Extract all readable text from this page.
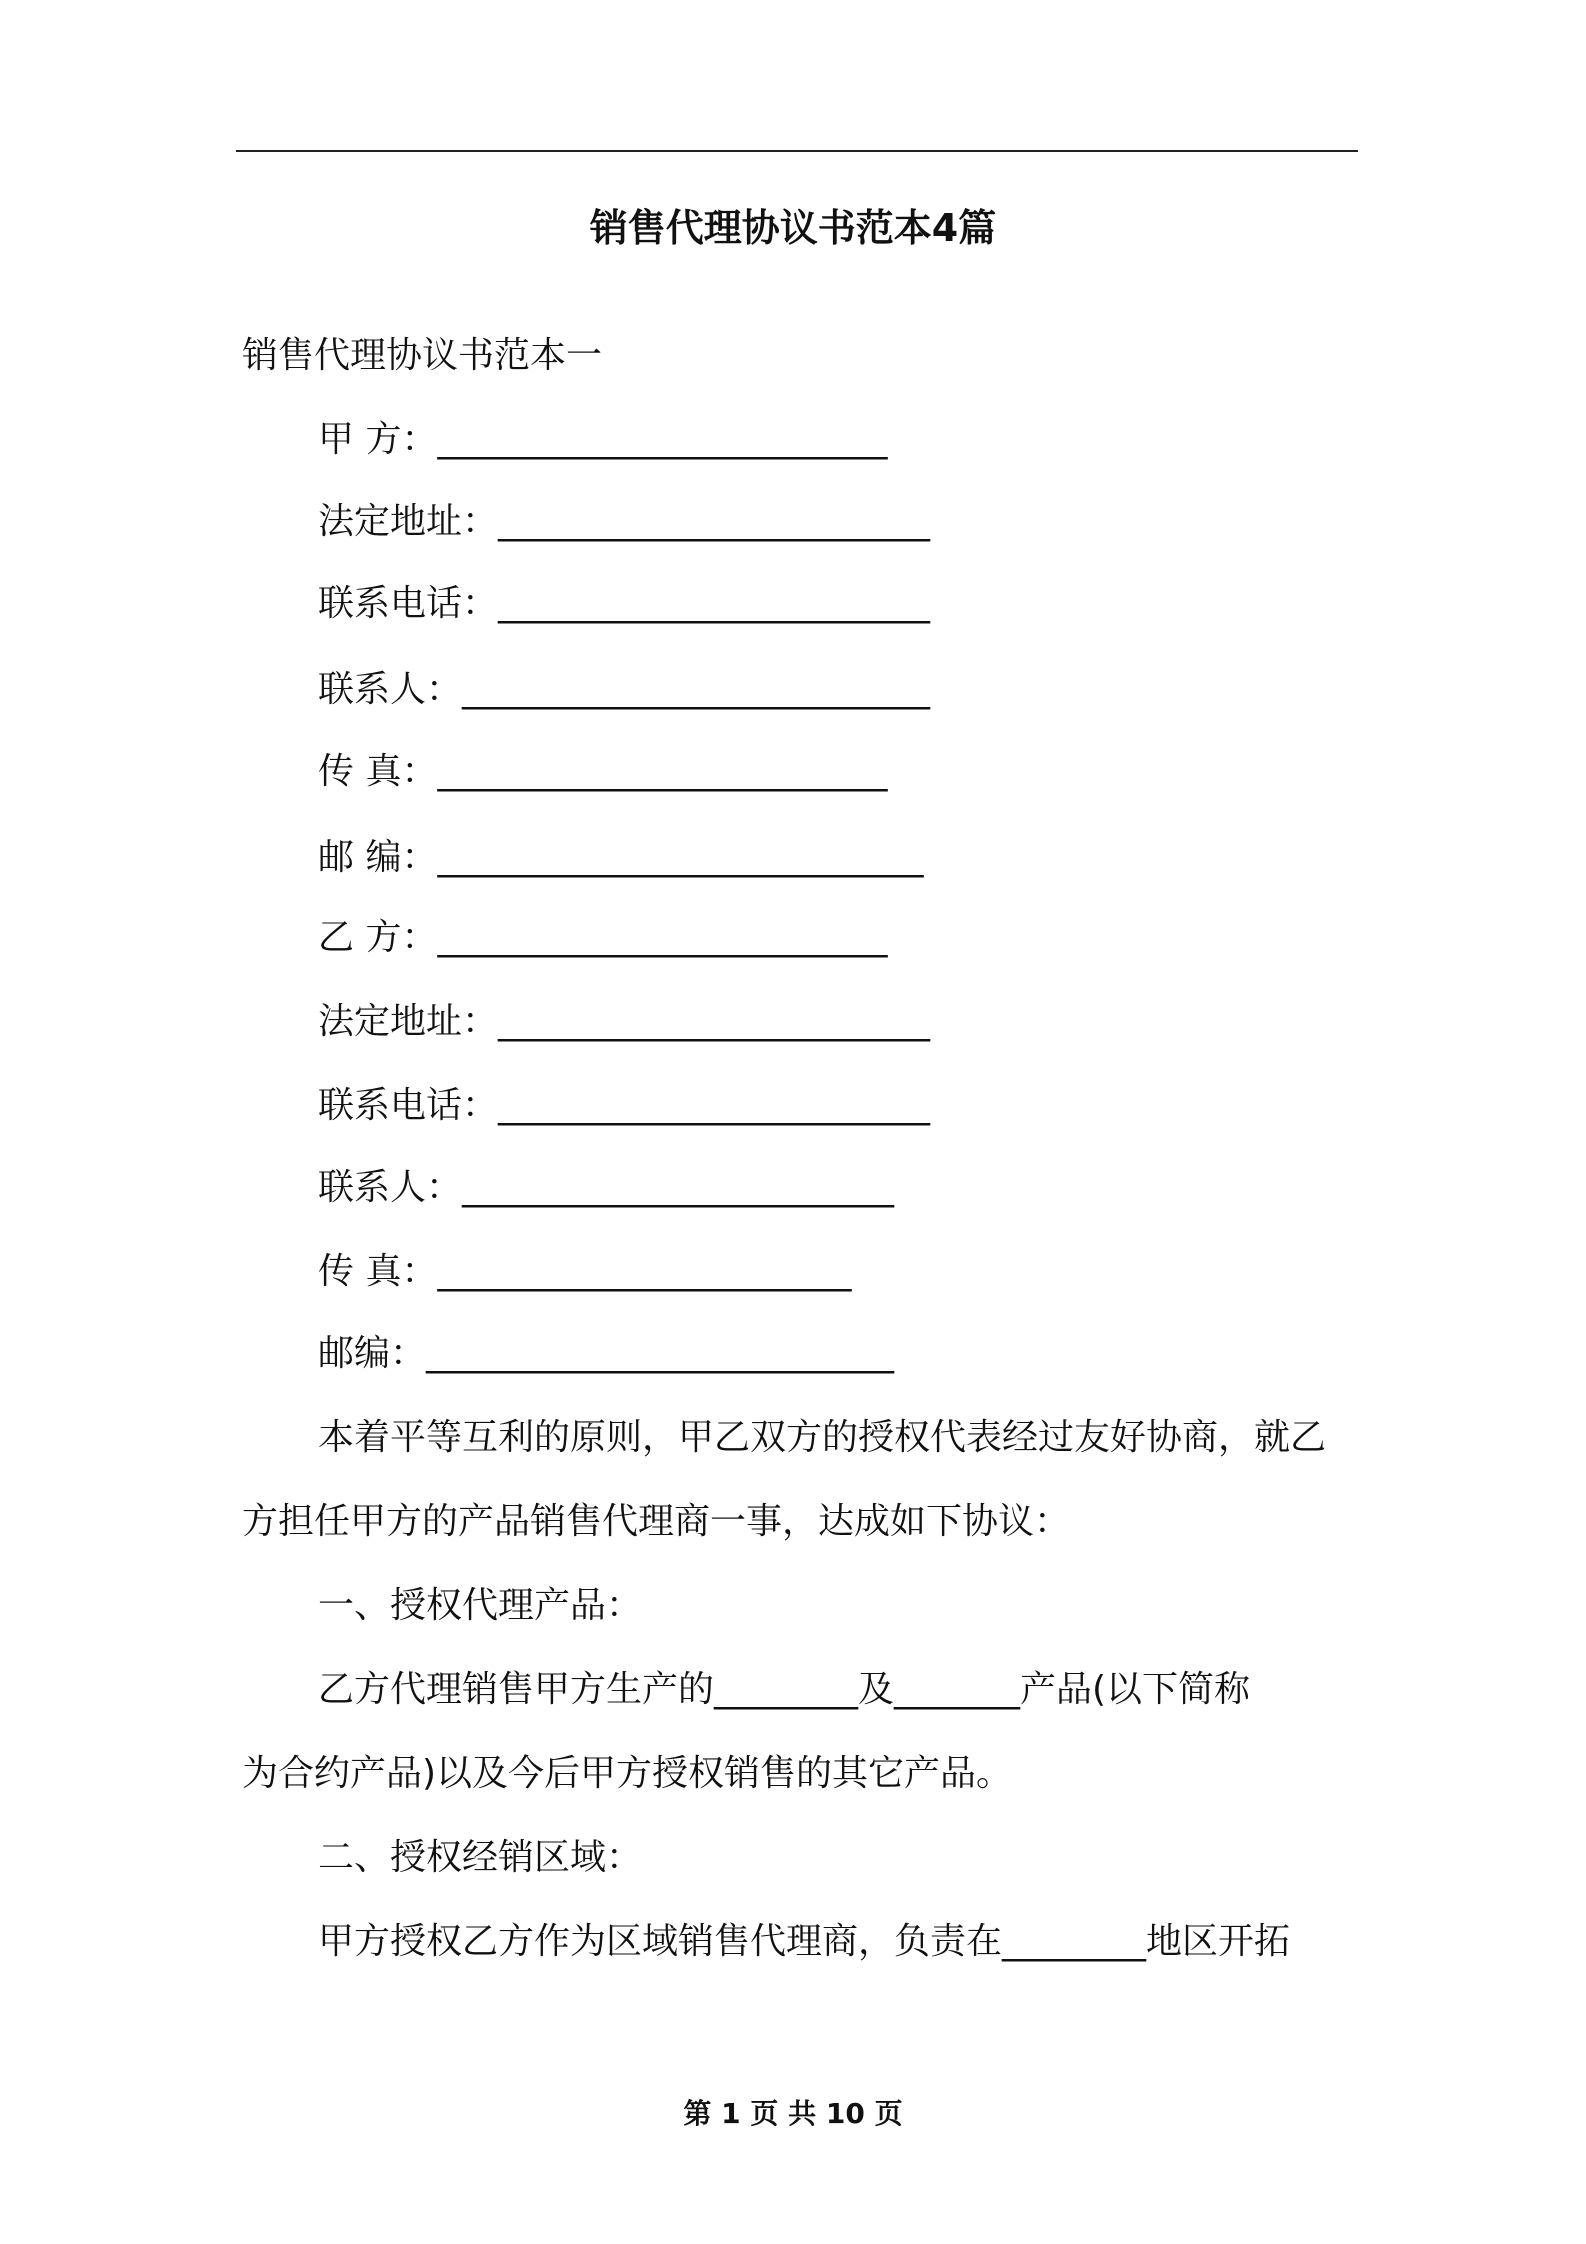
销售代理协议书范本4篇
销售代理协议书范本一
甲 方：_________________________
法定地址：________________________
联系电话：________________________
联系人：__________________________
传 真：_________________________
邮 编：___________________________
乙 方：_________________________
法定地址：________________________
联系电话：________________________
联系人：________________________
传 真：_______________________
邮编：__________________________
本着平等互利的原则，甲乙双方的授权代表经过友好协商，就乙
方担任甲方的产品销售代理商一事，达成如下协议：
一、授权代理产品：
乙方代理销售甲方生产的________及_______产品(以下简称
为合约产品)以及今后甲方授权销售的其它产品。
二、授权经销区域：
甲方授权乙方作为区域销售代理商，负责在________地区开拓
第 1 页 共 10 页
